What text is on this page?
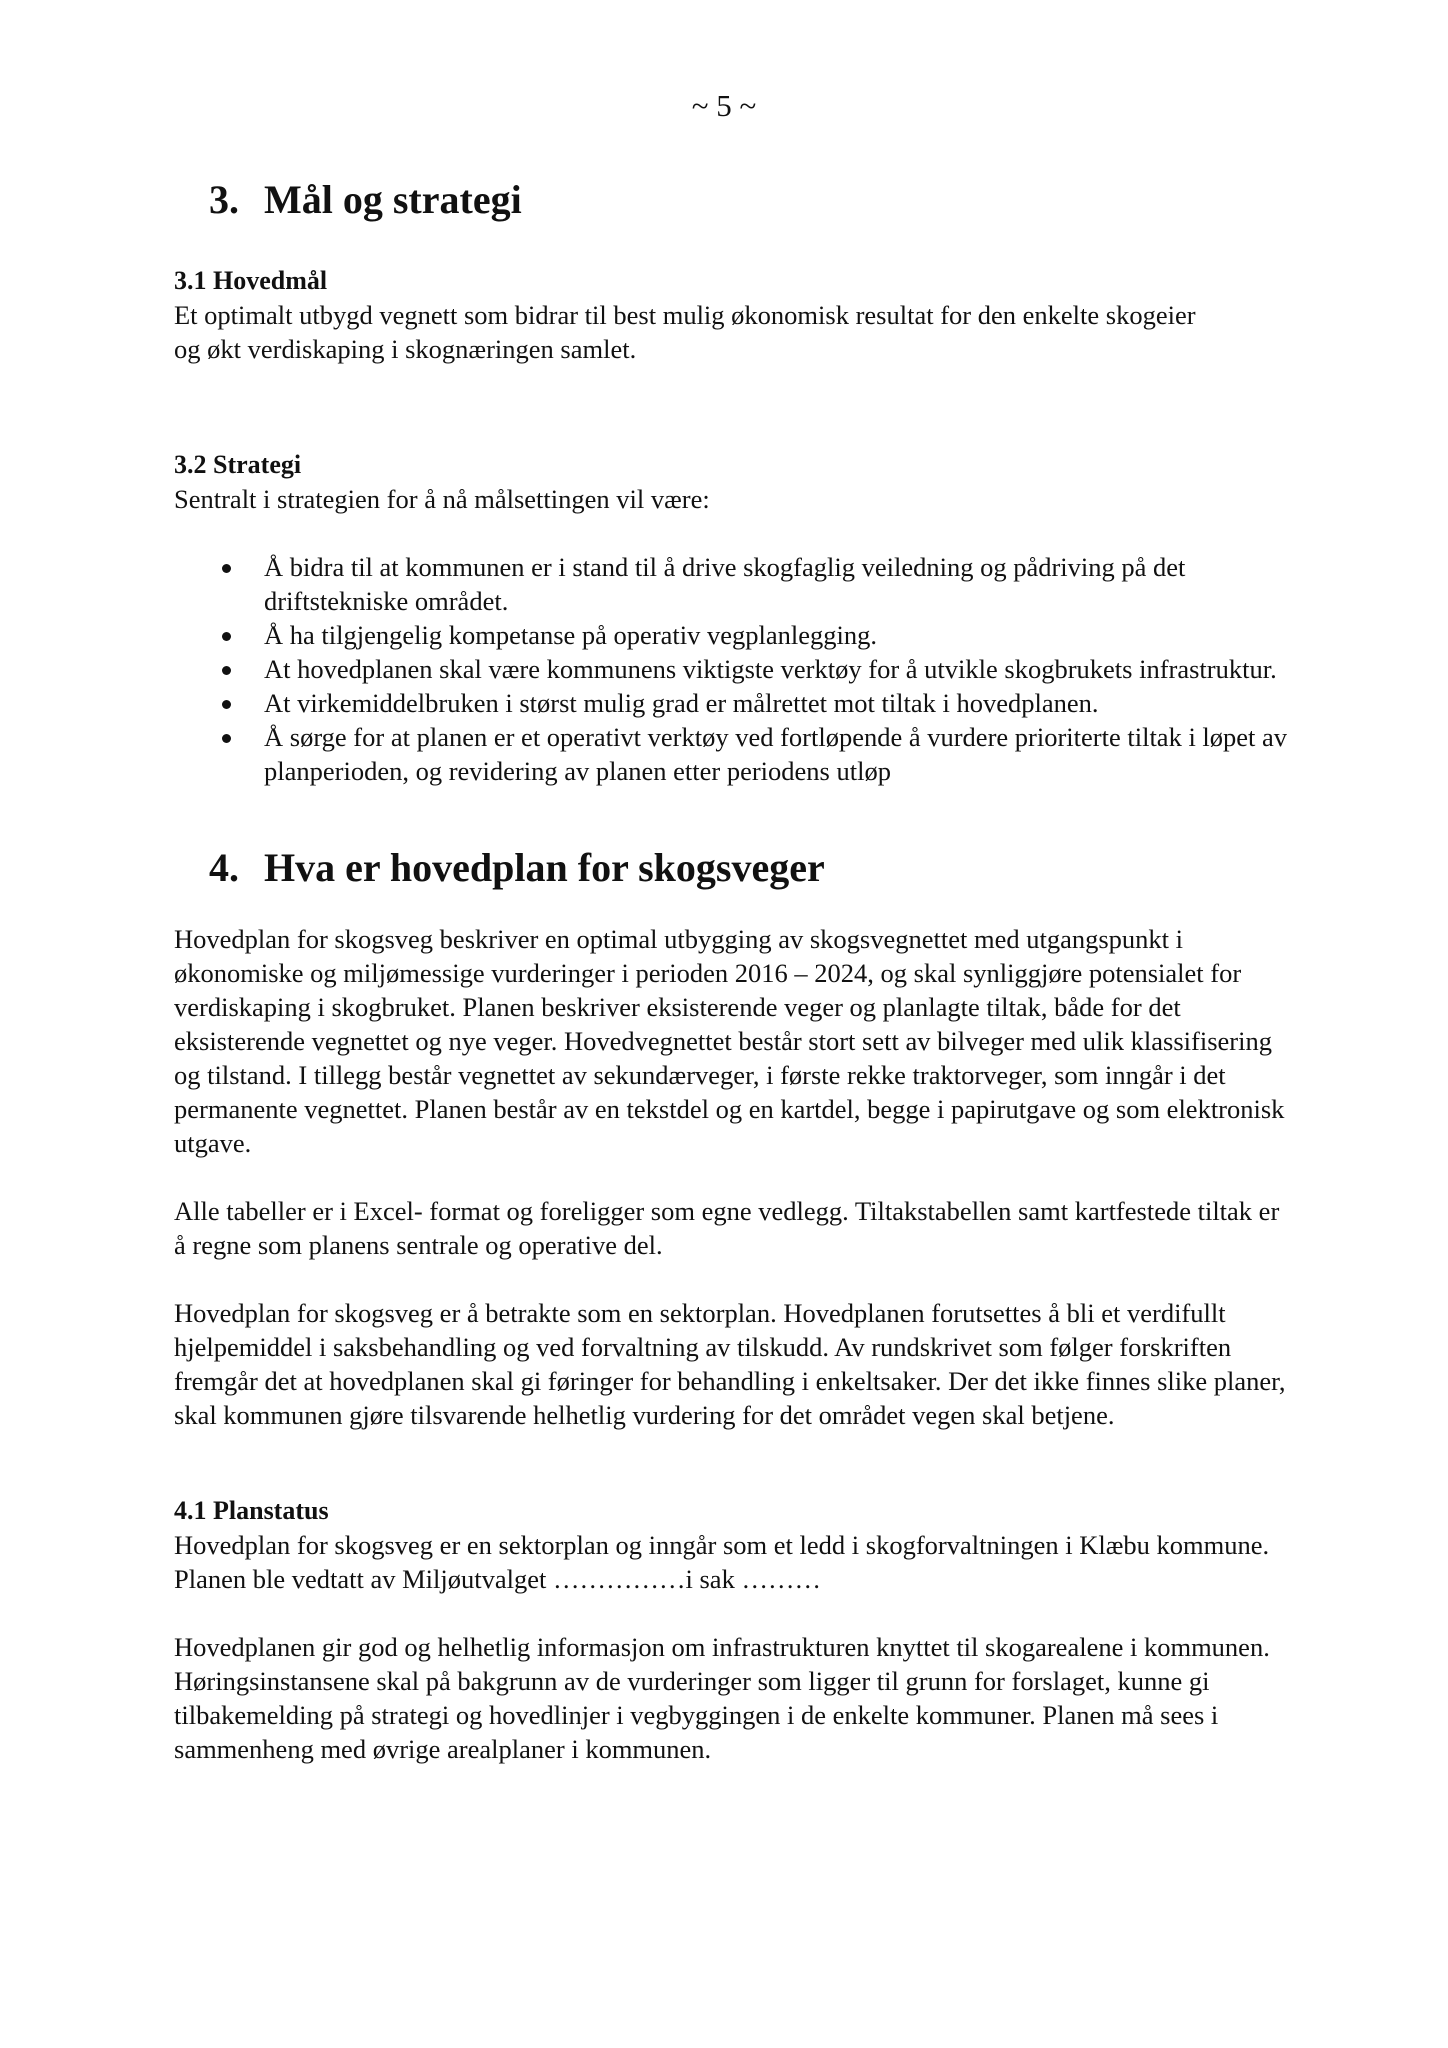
~ 5 ~
3. Mål og strategi
3.1 Hovedmål

Et optimalt utbygd vegnett som bidrar til best mulig økonomisk resultat for den enkelte skogeier og økt verdiskaping i skognæringen samlet.

3.2 Strategi

Sentralt i strategien for å nå målsettingen vil være:

Å bidra til at kommunen er i stand til å drive skogfaglig veiledning og pådriving på det driftstekniske området.
Å ha tilgjengelig kompetanse på operativ vegplanlegging.
At hovedplanen skal være kommunens viktigste verktøy for å utvikle skogbrukets infrastruktur.
At virkemiddelbruken i størst mulig grad er målrettet mot tiltak i hovedplanen.
Å sørge for at planen er et operativt verktøy ved fortløpende å vurdere prioriterte tiltak i løpet av planperioden, og revidering av planen etter periodens utløp
4. Hva er hovedplan for skogsveger

Hovedplan for skogsveg beskriver en optimal utbygging av skogsvegnettet med utgangspunkt i økonomiske og miljømessige vurderinger i perioden 2016 – 2024, og skal synliggjøre potensialet for verdiskaping i skogbruket. Planen beskriver eksisterende veger og planlagte tiltak, både for det eksisterende vegnettet og nye veger. Hovedvegnettet består stort sett av bilveger med ulik klassifisering og tilstand. I tillegg består vegnettet av sekundærveger, i første rekke traktorveger, som inngår i det permanente vegnettet. Planen består av en tekstdel og en kartdel, begge i papirutgave og som elektronisk utgave.

Alle tabeller er i Excel- format og foreligger som egne vedlegg. Tiltakstabellen samt kartfestede tiltak er å regne som planens sentrale og operative del.

Hovedplan for skogsveg er å betrakte som en sektorplan. Hovedplanen forutsettes å bli et verdifullt hjelpemiddel i saksbehandling og ved forvaltning av tilskudd. Av rundskrivet som følger forskriften fremgår det at hovedplanen skal gi føringer for behandling i enkeltsaker. Der det ikke finnes slike planer, skal kommunen gjøre tilsvarende helhetlig vurdering for det området vegen skal betjene.

4.1 Planstatus

Hovedplan for skogsveg er en sektorplan og inngår som et ledd i skogforvaltningen i Klæbu kommune. Planen ble vedtatt av Miljøutvalget ……………i sak ………

Hovedplanen gir god og helhetlig informasjon om infrastrukturen knyttet til skogarealene i kommunen. Høringsinstansene skal på bakgrunn av de vurderinger som ligger til grunn for forslaget, kunne gi tilbakemelding på strategi og hovedlinjer i vegbyggingen i de enkelte kommuner. Planen må sees i sammenheng med øvrige arealplaner i kommunen.
